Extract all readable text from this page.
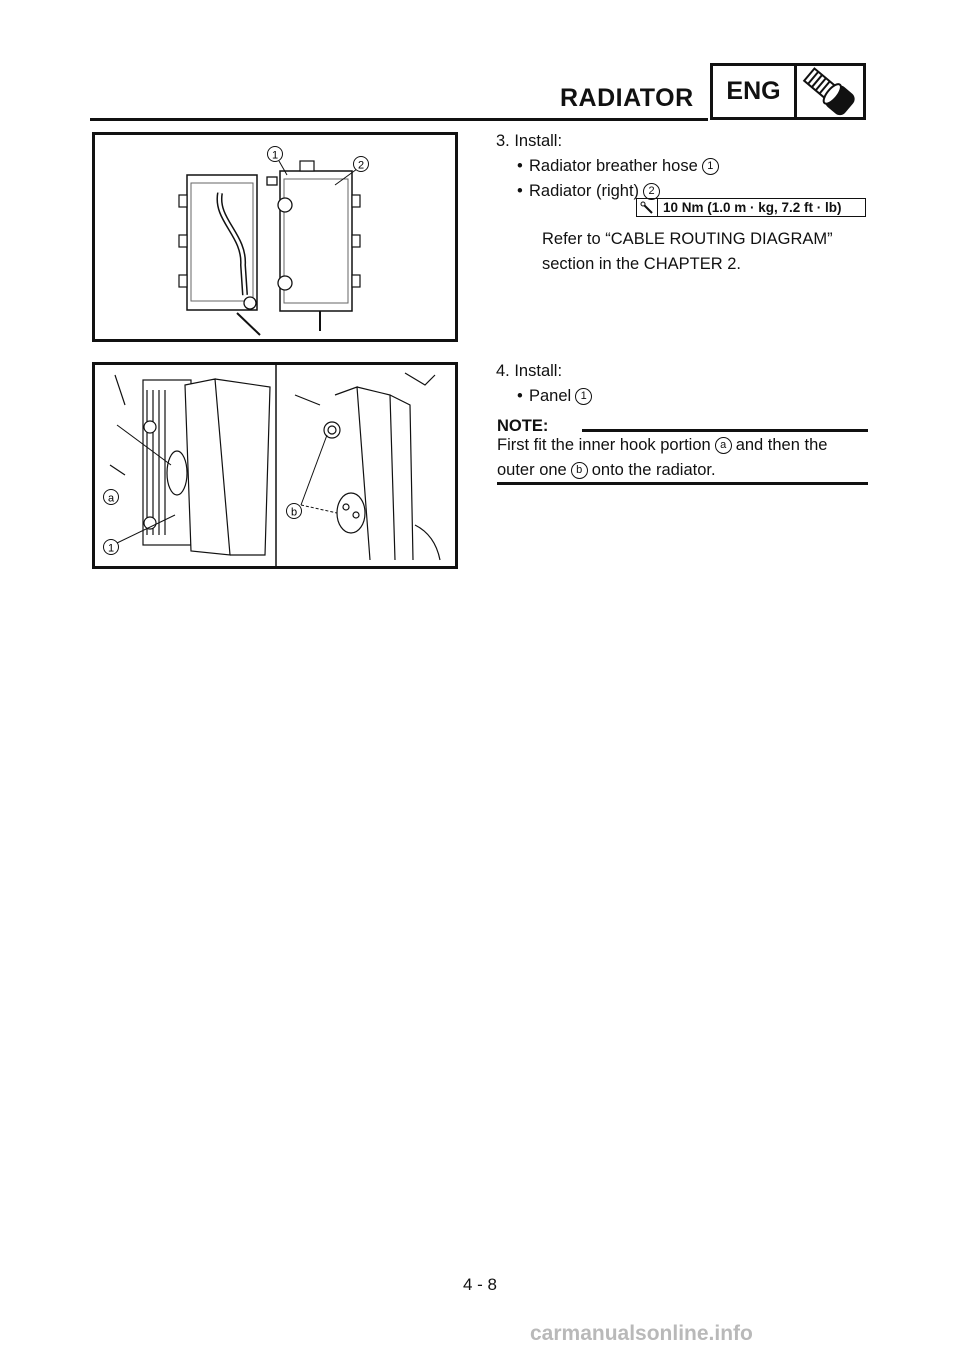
RADIATOR	ENG
1
2
a
1
b
3. Install:
• Radiator breather hose 1
• Radiator (right) 2
10 Nm (1.0 m · kg, 7.2 ft · lb)
Refer to “CABLE ROUTING DIAGRAM”
section in the CHAPTER 2.
4. Install:
• Panel 1
NOTE:
First fit the inner hook portion a and then the
outer one b onto the radiator.
4 - 8
carmanualsonline.info
